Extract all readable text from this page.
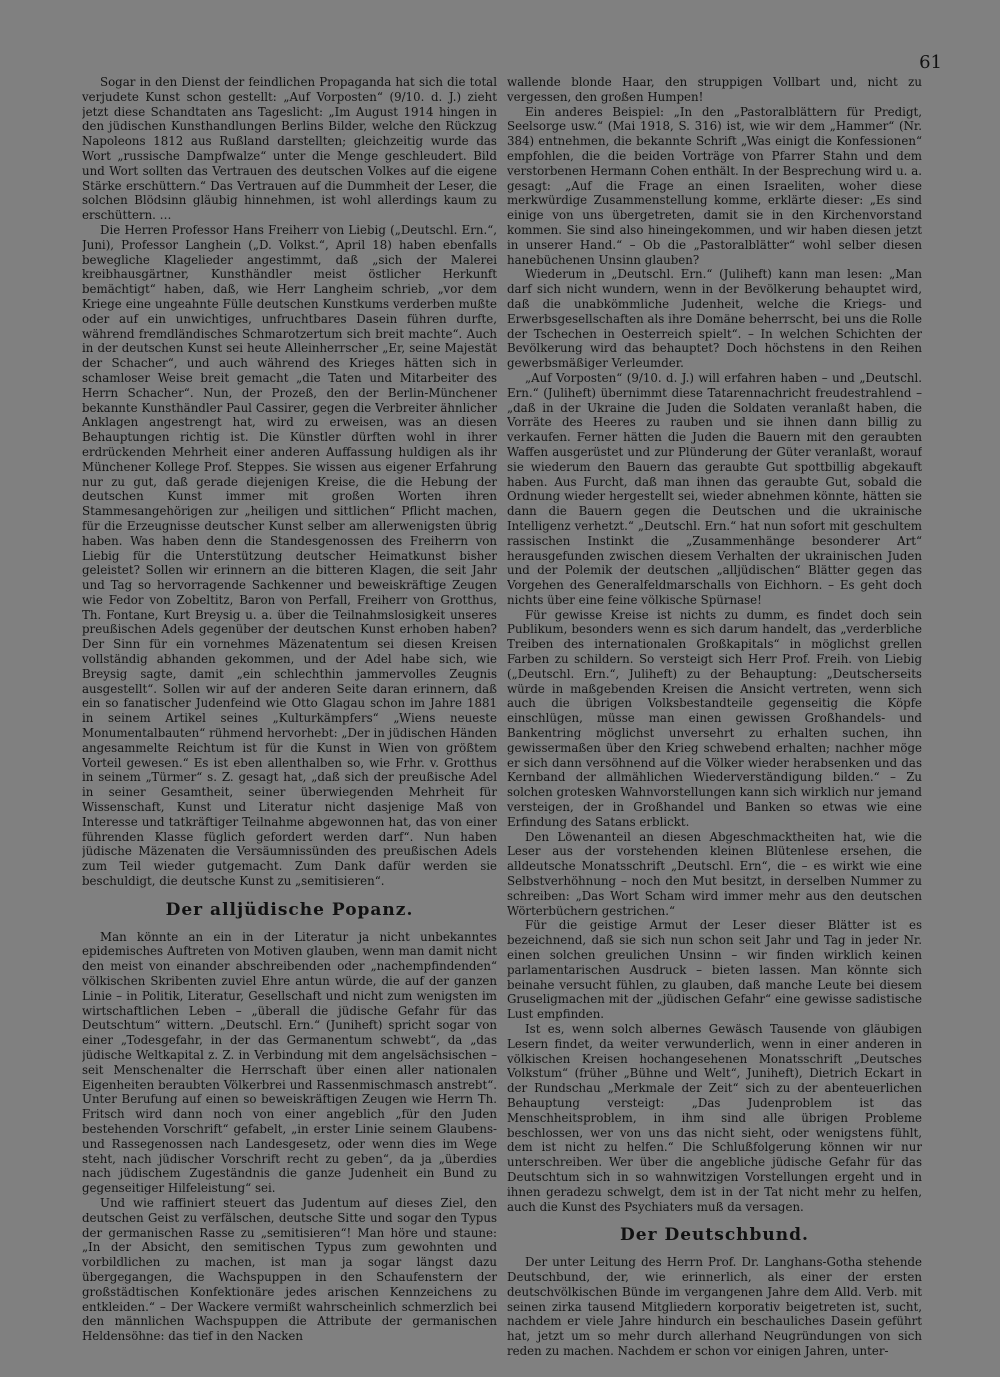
61

Sogar in den Dienst der feindlichen Propaganda hat sich die total verjudete Kunst schon gestellt: „Auf Vorposten“ (9/10. d. J.) zieht jetzt diese Schandtaten ans Tageslicht: „Im August 1914 hingen in den jüdischen Kunsthandlungen Berlins Bilder, welche den Rückzug Napoleons 1812 aus Rußland darstellten; gleichzeitig wurde das Wort „russische Dampfwalze“ unter die Menge geschleudert. Bild und Wort sollten das Vertrauen des deutschen Volkes auf die eigene Stärke erschüttern.“ Das Vertrauen auf die Dummheit der Leser, die solchen Blödsinn gläubig hinnehmen, ist wohl allerdings kaum zu erschüttern. …

Die Herren Professor Hans Freiherr von Liebig („Deutschl. Ern.“, Juni), Professor Langhein („D. Volkst.“, April 18) haben ebenfalls bewegliche Klagelieder angestimmt, daß „sich der Malerei kreibhausgärtner, Kunsthändler meist östlicher Herkunft bemächtigt“ haben, daß, wie Herr Langheim schrieb, „vor dem Kriege eine ungeahnte Fülle deutschen Kunstkums verderben mußte oder auf ein unwichtiges, unfruchtbares Dasein führen durfte, während fremdländisches Schmarotzertum sich breit machte“. Auch in der deutschen Kunst sei heute Alleinherrscher „Er, seine Majestät der Schacher“, und auch während des Krieges hätten sich in schamloser Weise breit gemacht „die Taten und Mitarbeiter des Herrn Schacher“. Nun, der Prozeß, den der Berlin-Münchener bekannte Kunsthändler Paul Cassirer, gegen die Verbreiter ähnlicher Anklagen angestrengt hat, wird zu erweisen, was an diesen Behauptungen richtig ist. Die Künstler dürften wohl in ihrer erdrückenden Mehrheit einer anderen Auffassung huldigen als ihr Münchener Kollege Prof. Steppes. Sie wissen aus eigener Erfahrung nur zu gut, daß gerade diejenigen Kreise, die die Hebung der deutschen Kunst immer mit großen Worten ihren Stammesangehörigen zur „heiligen und sittlichen“ Pflicht machen, für die Erzeugnisse deutscher Kunst selber am allerwenigsten übrig haben. Was haben denn die Standesgenossen des Freiherrn von Liebig für die Unterstützung deutscher Heimatkunst bisher geleistet? Sollen wir erinnern an die bitteren Klagen, die seit Jahr und Tag so hervorragende Sachkenner und beweiskräftige Zeugen wie Fedor von Zobeltitz, Baron von Perfall, Freiherr von Grotthus, Th. Fontane, Kurt Breysig u. a. über die Teilnahmslosigkeit unseres preußischen Adels gegenüber der deutschen Kunst erhoben haben? Der Sinn für ein vornehmes Mäzenatentum sei diesen Kreisen vollständig abhanden gekommen, und der Adel habe sich, wie Breysig sagte, damit „ein schlechthin jammervolles Zeugnis ausgestellt“. Sollen wir auf der anderen Seite daran erinnern, daß ein so fanatischer Judenfeind wie Otto Glagau schon im Jahre 1881 in seinem Artikel seines „Kulturkämpfers“ „Wiens neueste Monumentalbauten“ rühmend hervorhebt: „Der in jüdischen Händen angesammelte Reichtum ist für die Kunst in Wien von größtem Vorteil gewesen.“ Es ist eben allenthalben so, wie Frhr. v. Grotthus in seinem „Türmer“ s. Z. gesagt hat, „daß sich der preußische Adel in seiner Gesamtheit, seiner überwiegenden Mehrheit für Wissenschaft, Kunst und Literatur nicht dasjenige Maß von Interesse und tatkräftiger Teilnahme abgewonnen hat, das von einer führenden Klasse füglich gefordert werden darf“. Nun haben jüdische Mäzenaten die Versäumnissünden des preußischen Adels zum Teil wieder gutgemacht. Zum Dank dafür werden sie beschuldigt, die deutsche Kunst zu „semitisieren“.

Der alljüdische Popanz.

Man könnte an ein in der Literatur ja nicht unbekanntes epidemisches Auftreten von Motiven glauben, wenn man damit nicht den meist von einander abschreibenden oder „nachempfindenden“ völkischen Skribenten zuviel Ehre antun würde, die auf der ganzen Linie – in Politik, Literatur, Gesellschaft und nicht zum wenigsten im wirtschaftlichen Leben – „überall die jüdische Gefahr für das Deutschtum“ wittern. „Deutschl. Ern.“ (Juniheft) spricht sogar von einer „Todesgefahr, in der das Germanentum schwebt“, da „das jüdische Weltkapital z. Z. in Verbindung mit dem angelsächsischen – seit Menschenalter die Herrschaft über einen aller nationalen Eigenheiten beraubten Völkerbrei und Rassenmischmasch anstrebt“. Unter Berufung auf einen so beweiskräftigen Zeugen wie Herrn Th. Fritsch wird dann noch von einer angeblich „für den Juden bestehenden Vorschrift“ gefabelt, „in erster Linie seinem Glaubens- und Rassegenossen nach Landesgesetz, oder wenn dies im Wege steht, nach jüdischer Vorschrift recht zu geben“, da ja „überdies nach jüdischem Zugeständnis die ganze Judenheit ein Bund zu gegenseitiger Hilfeleistung“ sei.

Und wie raffiniert steuert das Judentum auf dieses Ziel, den deutschen Geist zu verfälschen, deutsche Sitte und sogar den Typus der germanischen Rasse zu „semitisieren“! Man höre und staune: „In der Absicht, den semitischen Typus zum gewohnten und vorbildlichen zu machen, ist man ja sogar längst dazu übergegangen, die Wachspuppen in den Schaufenstern der großstädtischen Konfektionäre jedes arischen Kennzeichens zu entkleiden.“ – Der Wackere vermißt wahrscheinlich schmerzlich bei den männlichen Wachspuppen die Attribute der germanischen Heldensöhne: das tief in den Nacken

wallende blonde Haar, den struppigen Vollbart und, nicht zu vergessen, den großen Humpen!

Ein anderes Beispiel: „In den „Pastoralblättern für Predigt, Seelsorge usw.“ (Mai 1918, S. 316) ist, wie wir dem „Hammer“ (Nr. 384) entnehmen, die bekannte Schrift „Was einigt die Konfessionen“ empfohlen, die die beiden Vorträge von Pfarrer Stahn und dem verstorbenen Hermann Cohen enthält. In der Besprechung wird u. a. gesagt: „Auf die Frage an einen Israeliten, woher diese merkwürdige Zusammenstellung komme, erklärte dieser: „Es sind einige von uns übergetreten, damit sie in den Kirchenvorstand kommen. Sie sind also hineingekommen, und wir haben diesen jetzt in unserer Hand.“ – Ob die „Pastoralblätter“ wohl selber diesen hanebüchenen Unsinn glauben?

Wiederum in „Deutschl. Ern.“ (Juliheft) kann man lesen: „Man darf sich nicht wundern, wenn in der Bevölkerung behauptet wird, daß die unabkömmliche Judenheit, welche die Kriegs- und Erwerbsgesellschaften als ihre Domäne beherrscht, bei uns die Rolle der Tschechen in Oesterreich spielt“. – In welchen Schichten der Bevölkerung wird das behauptet? Doch höchstens in den Reihen gewerbsmäßiger Verleumder.

„Auf Vorposten“ (9/10. d. J.) will erfahren haben – und „Deutschl. Ern.“ (Juliheft) übernimmt diese Tatarennachricht freudestrahlend – „daß in der Ukraine die Juden die Soldaten veranlaßt haben, die Vorräte des Heeres zu rauben und sie ihnen dann billig zu verkaufen. Ferner hätten die Juden die Bauern mit den geraubten Waffen ausgerüstet und zur Plünderung der Güter veranlaßt, worauf sie wiederum den Bauern das geraubte Gut spottbillig abgekauft haben. Aus Furcht, daß man ihnen das geraubte Gut, sobald die Ordnung wieder hergestellt sei, wieder abnehmen könnte, hätten sie dann die Bauern gegen die Deutschen und die ukrainische Intelligenz verhetzt.“ „Deutschl. Ern.“ hat nun sofort mit geschultem rassischen Instinkt die „Zusammenhänge besonderer Art“ herausgefunden zwischen diesem Verhalten der ukrainischen Juden und der Polemik der deutschen „alljüdischen“ Blätter gegen das Vorgehen des Generalfeldmarschalls von Eichhorn. – Es geht doch nichts über eine feine völkische Spürnase!

Für gewisse Kreise ist nichts zu dumm, es findet doch sein Publikum, besonders wenn es sich darum handelt, das „verderbliche Treiben des internationalen Großkapitals“ in möglichst grellen Farben zu schildern. So versteigt sich Herr Prof. Freih. von Liebig („Deutschl. Ern.“, Juliheft) zu der Behauptung: „Deutscherseits würde in maßgebenden Kreisen die Ansicht vertreten, wenn sich auch die übrigen Volksbestandteile gegenseitig die Köpfe einschlügen, müsse man einen gewissen Großhandels- und Bankentring möglichst unversehrt zu erhalten suchen, ihn gewissermaßen über den Krieg schwebend erhalten; nachher möge er sich dann versöhnend auf die Völker wieder herabsenken und das Kernband der allmählichen Wiederverständigung bilden.“ – Zu solchen grotesken Wahnvorstellungen kann sich wirklich nur jemand versteigen, der in Großhandel und Banken so etwas wie eine Erfindung des Satans erblickt.

Den Löwenanteil an diesen Abgeschmacktheiten hat, wie die Leser aus der vorstehenden kleinen Blütenlese ersehen, die alldeutsche Monatsschrift „Deutschl. Ern“, die – es wirkt wie eine Selbstverhöhnung – noch den Mut besitzt, in derselben Nummer zu schreiben: „Das Wort Scham wird immer mehr aus den deutschen Wörterbüchern gestrichen.“

Für die geistige Armut der Leser dieser Blätter ist es bezeichnend, daß sie sich nun schon seit Jahr und Tag in jeder Nr. einen solchen greulichen Unsinn – wir finden wirklich keinen parlamentarischen Ausdruck – bieten lassen. Man könnte sich beinahe versucht fühlen, zu glauben, daß manche Leute bei diesem Gruseligmachen mit der „jüdischen Gefahr“ eine gewisse sadistische Lust empfinden.

Ist es, wenn solch albernes Gewäsch Tausende von gläubigen Lesern findet, da weiter verwunderlich, wenn in einer anderen in völkischen Kreisen hochangesehenen Monatsschrift „Deutsches Volkstum“ (früher „Bühne und Welt“, Juniheft), Dietrich Eckart in der Rundschau „Merkmale der Zeit“ sich zu der abenteuerlichen Behauptung versteigt: „Das Judenproblem ist das Menschheitsproblem, in ihm sind alle übrigen Probleme beschlossen, wer von uns das nicht sieht, oder wenigstens fühlt, dem ist nicht zu helfen.“ Die Schlußfolgerung können wir nur unterschreiben. Wer über die angebliche jüdische Gefahr für das Deutschtum sich in so wahnwitzigen Vorstellungen ergeht und in ihnen geradezu schwelgt, dem ist in der Tat nicht mehr zu helfen, auch die Kunst des Psychiaters muß da versagen.

Der Deutschbund.

Der unter Leitung des Herrn Prof. Dr. Langhans-Gotha stehende Deutschbund, der, wie erinnerlich, als einer der ersten deutschvölkischen Bünde im vergangenen Jahre dem Alld. Verb. mit seinen zirka tausend Mitgliedern korporativ beigetreten ist, sucht, nachdem er viele Jahre hindurch ein beschauliches Dasein geführt hat, jetzt um so mehr durch allerhand Neugründungen von sich reden zu machen. Nachdem er schon vor einigen Jahren, unter-
